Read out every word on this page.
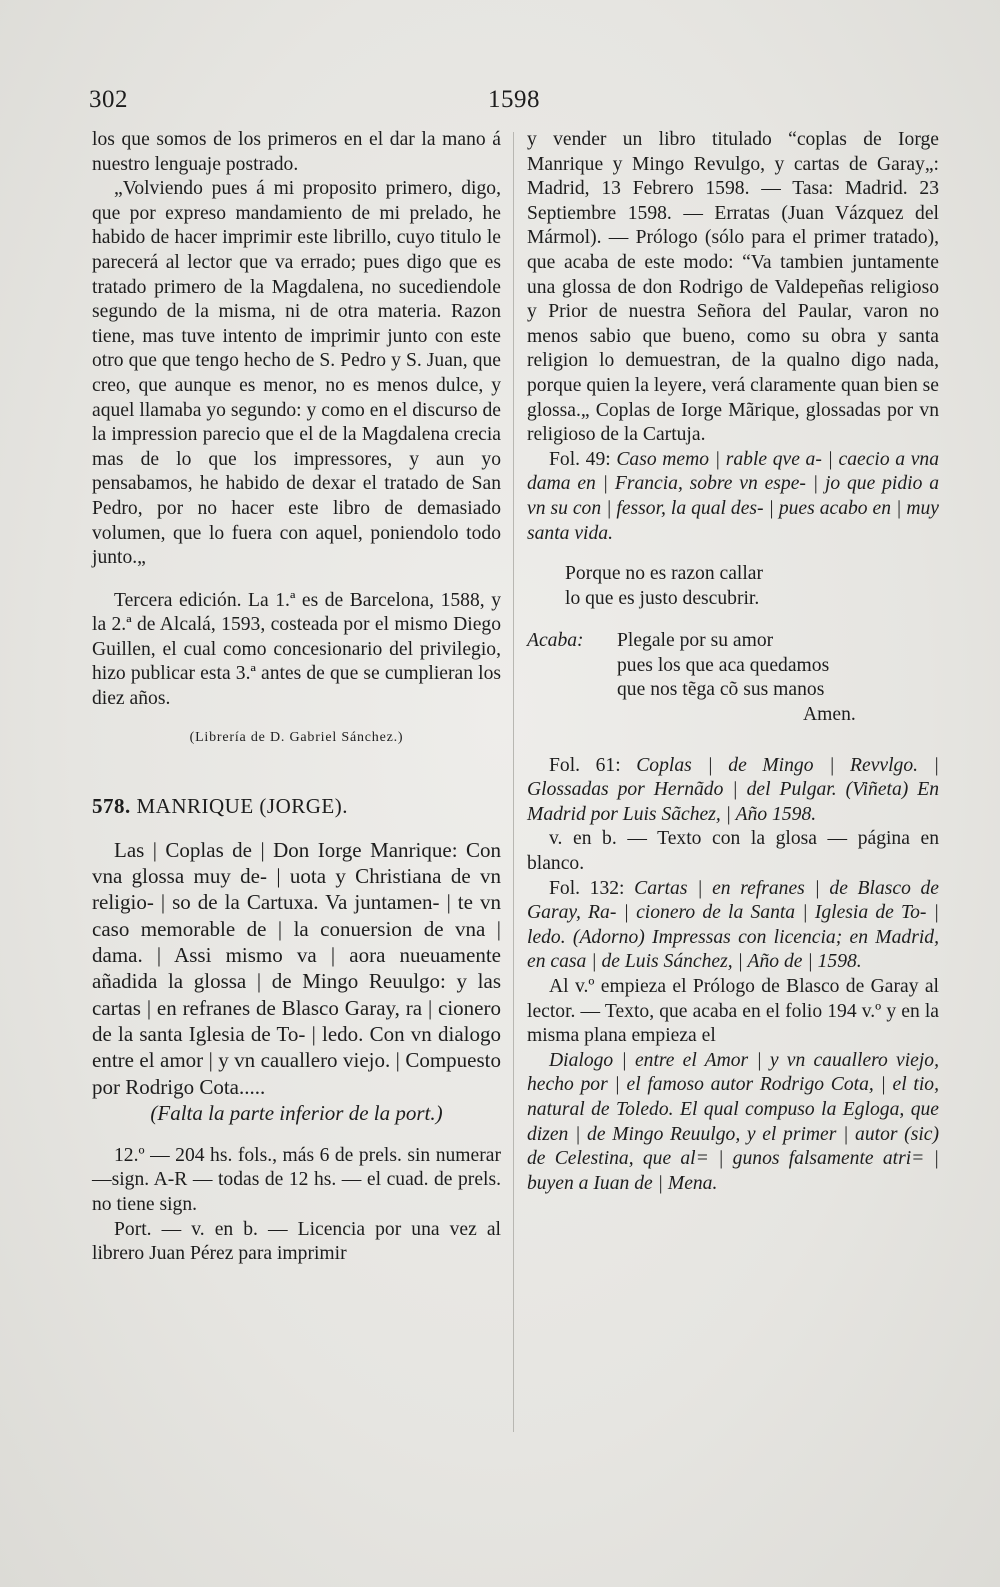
302	1598

los que somos de los primeros en el dar la mano á nuestro lenguaje postrado.

„Volviendo pues á mi proposito primero, digo, que por expreso mandamiento de mi prelado, he habido de hacer imprimir este librillo, cuyo titulo le parecerá al lector que va errado; pues digo que es tratado primero de la Magdalena, no sucediendole segundo de la misma, ni de otra materia. Razon tiene, mas tuve intento de imprimir junto con este otro que que tengo hecho de S. Pedro y S. Juan, que creo, que aunque es menor, no es menos dulce, y aquel llamaba yo segundo: y como en el discurso de la impression parecio que el de la Magdalena crecia mas de lo que los impressores, y aun yo pensabamos, he habido de dexar el tratado de San Pedro, por no hacer este libro de demasiado volumen, que lo fuera con aquel, poniendolo todo junto.„

Tercera edición. La 1.ª es de Barcelona, 1588, y la 2.ª de Alcalá, 1593, costeada por el mismo Diego Guillen, el cual como concesionario del privilegio, hizo publicar esta 3.ª antes de que se cumplieran los diez años.

(Librería de D. Gabriel Sánchez.)

578. MANRIQUE (JORGE).

Las | Coplas de | Don Iorge Manrique: Con vna glossa muy de- | uota y Christiana de vn religio- | so de la Cartuxa. Va juntamen- | te vn caso memorable de | la conuersion de vna | dama. | Assi mismo va | aora nueuamente añadida la glossa | de Mingo Reuulgo: y las cartas | en refranes de Blasco Garay, ra | cionero de la santa Iglesia de To- | ledo. Con vn dialogo entre el amor | y vn cauallero viejo. | Compuesto por Rodrigo Cota.....

(Falta la parte inferior de la port.)

12.º — 204 hs. fols., más 6 de prels. sin numerar—sign. A-R — todas de 12 hs. — el cuad. de prels. no tiene sign.

Port. — v. en b. — Licencia por una vez al librero Juan Pérez para imprimir

y vender un libro titulado “coplas de Iorge Manrique y Mingo Revulgo, y cartas de Garay„: Madrid, 13 Febrero 1598. — Tasa: Madrid. 23 Septiembre 1598. — Erratas (Juan Vázquez del Mármol). — Prólogo (sólo para el primer tratado), que acaba de este modo: “Va tambien juntamente una glossa de don Rodrigo de Valdepeñas religioso y Prior de nuestra Señora del Paular, varon no menos sabio que bueno, como su obra y santa religion lo demuestran, de la qualno digo nada, porque quien la leyere, verá claramente quan bien se glossa.„ Coplas de Iorge Mãrique, glossadas por vn religioso de la Cartuja.

Fol. 49: Caso memo | rable qve a- | caecio a vna dama en | Francia, sobre vn espe- | jo que pidio a vn su con | fessor, la qual des- | pues acabo en | muy santa vida.

Porque no es razon callar
lo que es justo descubrir.
Acaba:	Plegale por su amor
pues los que aca quedamos
que nos tẽga cõ sus manos
Amen.

Fol. 61: Coplas | de Mingo | Revvlgo. | Glossadas por Hernãdo | del Pulgar. (Viñeta) En Madrid por Luis Sãchez, | Año 1598.

v. en b. — Texto con la glosa — página en blanco.

Fol. 132: Cartas | en refranes | de Blasco de Garay, Ra- | cionero de la Santa | Iglesia de To- | ledo. (Adorno) Impressas con licencia; en Madrid, en casa | de Luis Sánchez, | Año de | 1598.

Al v.º empieza el Prólogo de Blasco de Garay al lector. — Texto, que acaba en el folio 194 v.º y en la misma plana empieza el

Dialogo | entre el Amor | y vn cauallero viejo, hecho por | el famoso autor Rodrigo Cota, | el tio, natural de Toledo. El qual compuso la Egloga, que dizen | de Mingo Reuulgo, y el primer | autor (sic) de Celestina, que al= | gunos falsamente atri= | buyen a Iuan de | Mena.
